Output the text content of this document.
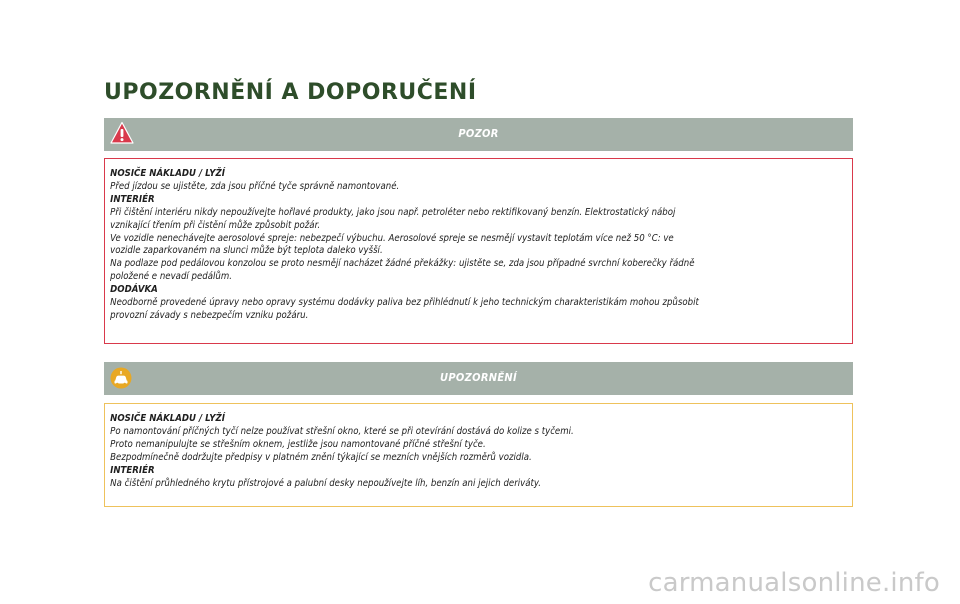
UPOZORNĚNÍ A DOPORUČENÍ
POZOR
NOSIČE NÁKLADU / LYŽÍ
Před jízdou se ujistěte, zda jsou příčné tyče správně namontované.
INTERIÉR
Při čištění interiéru nikdy nepoužívejte hořlavé produkty, jako jsou např. petroléter nebo rektifikovaný benzín. Elektrostatický náboj
vznikající třením při čistění může způsobit požár.
Ve vozidle nenechávejte aerosolové spreje: nebezpečí výbuchu. Aerosolové spreje se nesmějí vystavit teplotám více než 50 °C: ve
vozidle zaparkovaném na slunci může být teplota daleko vyšší.
Na podlaze pod pedálovou konzolou se proto nesmějí nacházet žádné překážky: ujistěte se, zda jsou případné svrchní koberečky řádně
položené e nevadí pedálům.
DODÁVKA
Neodborně provedené úpravy nebo opravy systému dodávky paliva bez přihlédnutí k jeho technickým charakteristikám mohou způsobit
provozní závady s nebezpečím vzniku požáru.
UPOZORNĚNÍ
NOSIČE NÁKLADU / LYŽÍ
Po namontování příčných tyčí nelze používat střešní okno, které se při otevírání dostává do kolize s tyčemi.
Proto nemanipulujte se střešním oknem, jestliže jsou namontované příčné střešní tyče.
Bezpodmínečně dodržujte předpisy v platném znění týkající se mezních vnějších rozměrů vozidla.
INTERIÉR
Na čištění průhledného krytu přístrojové a palubní desky nepoužívejte líh, benzín ani jejich deriváty.
carmanualsonline.info
